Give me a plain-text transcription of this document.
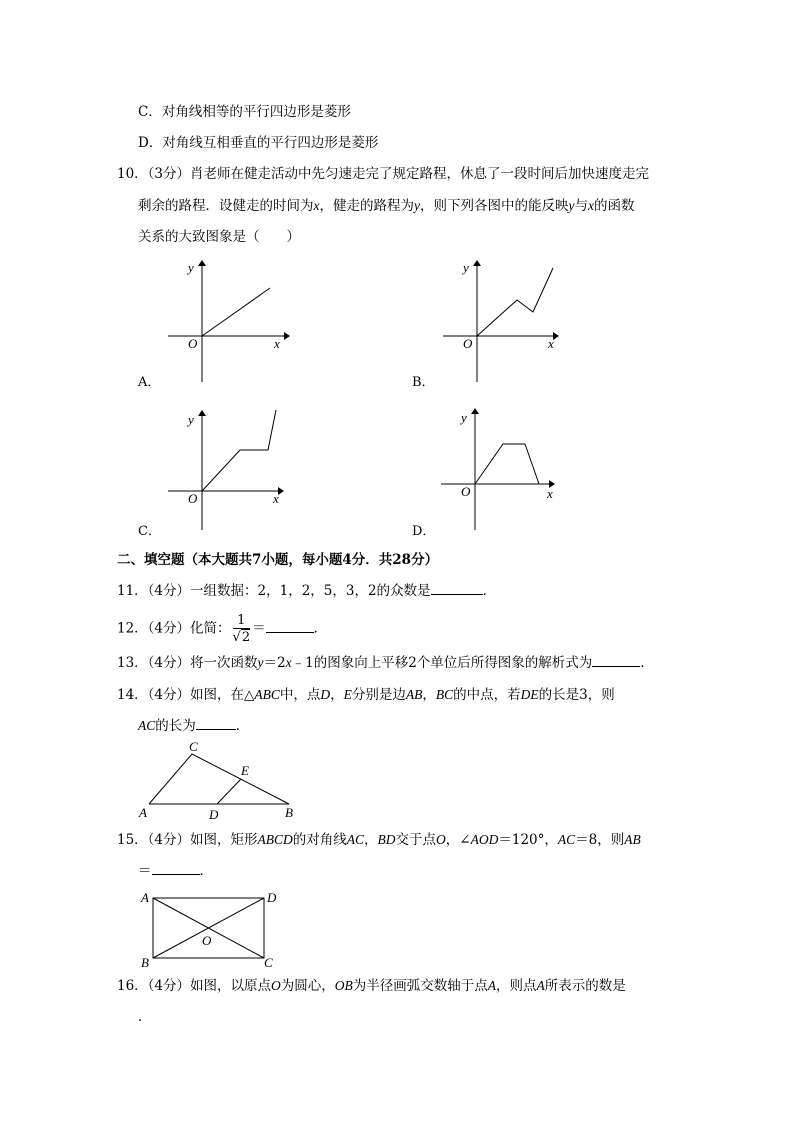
C．对角线相等的平行四边形是菱形
D．对角线互相垂直的平行四边形是菱形
10．（3分）肖老师在健走活动中先匀速走完了规定路程，休息了一段时间后加快速度走完
剩余的路程．设健走的时间为x，健走的路程为y，则下列各图中的能反映y与x的函数
关系的大致图象是（　　）
y
x
O
A．
y
x
O
B．
y
x
O
C．
y
x
O
D．
二、填空题（本大题共7小题，每小题4分．共28分）
11．（4分）一组数据：2，1，2，5，3，2的众数是	．
12．（4分）化简： $\frac{1}{√2}$ ＝	．
13．（4分）将一次函数y＝2x﹣1的图象向上平移2个单位后所得图象的解析式为	．
14．（4分）如图，在△ABC中，点D，E分别是边AB，BC的中点，若DE的长是3，则
AC的长为	．
A	B
C
D
E
15．（4分）如图，矩形ABCD的对角线AC，BD交于点O，∠AOD＝120°，AC＝8，则AB
＝	．
A	D
B	C
O
16．（4分）如图，以原点O为圆心，OB为半径画弧交数轴于点A，则点A所表示的数是
．
